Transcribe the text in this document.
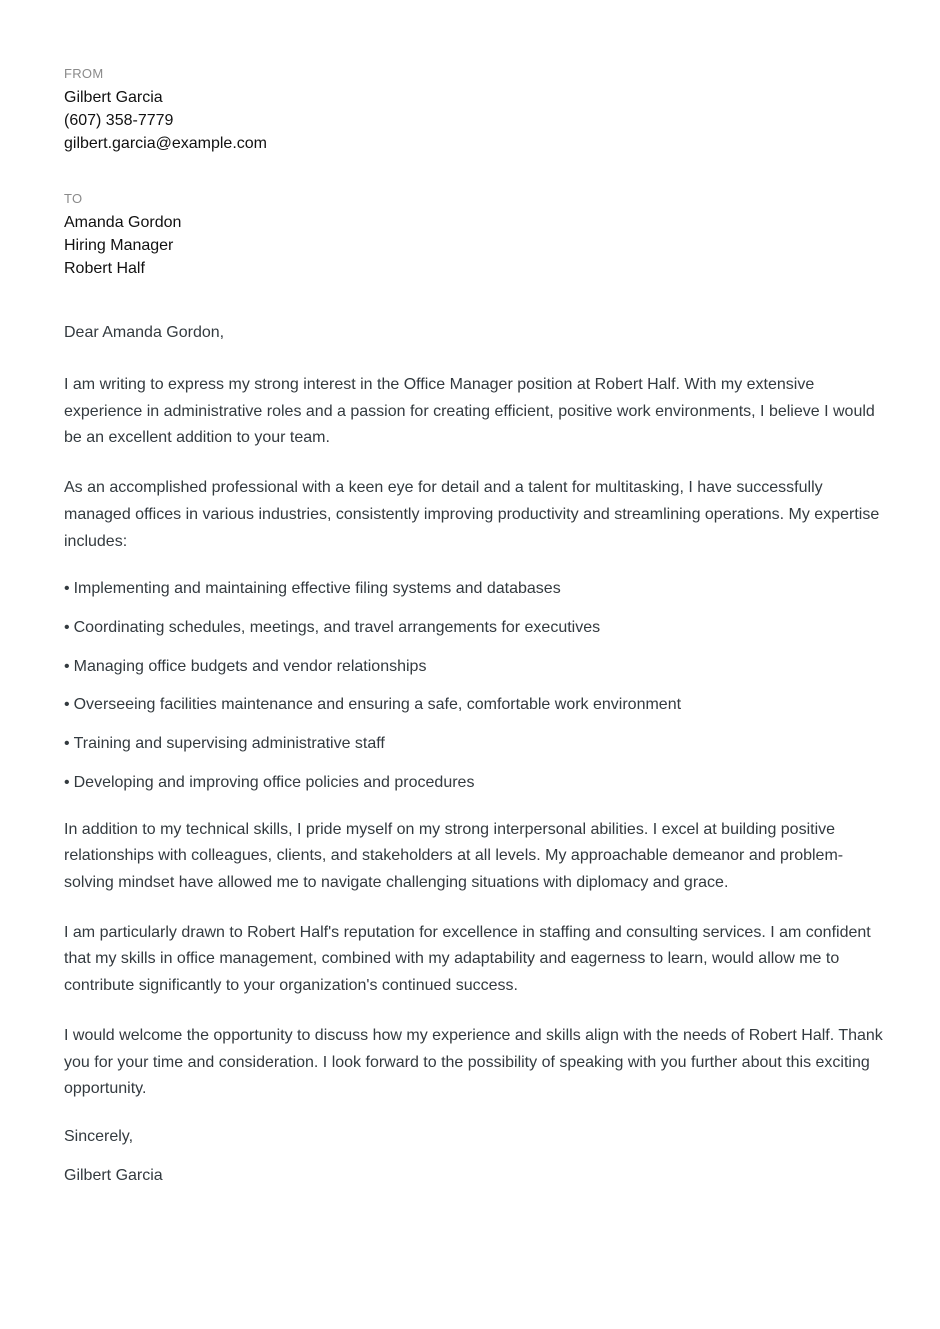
FROM
Gilbert Garcia
(607) 358-7779
gilbert.garcia@example.com
TO
Amanda Gordon
Hiring Manager
Robert Half
Dear Amanda Gordon,

I am writing to express my strong interest in the Office Manager position at Robert Half. With my extensive experience in administrative roles and a passion for creating efficient, positive work environments, I believe I would be an excellent addition to your team.

As an accomplished professional with a keen eye for detail and a talent for multitasking, I have successfully managed offices in various industries, consistently improving productivity and streamlining operations. My expertise includes:

• Implementing and maintaining effective filing systems and databases
• Coordinating schedules, meetings, and travel arrangements for executives
• Managing office budgets and vendor relationships
• Overseeing facilities maintenance and ensuring a safe, comfortable work environment
• Training and supervising administrative staff
• Developing and improving office policies and procedures

In addition to my technical skills, I pride myself on my strong interpersonal abilities. I excel at building positive relationships with colleagues, clients, and stakeholders at all levels. My approachable demeanor and problem-solving mindset have allowed me to navigate challenging situations with diplomacy and grace.

I am particularly drawn to Robert Half's reputation for excellence in staffing and consulting services. I am confident that my skills in office management, combined with my adaptability and eagerness to learn, would allow me to contribute significantly to your organization's continued success.

I would welcome the opportunity to discuss how my experience and skills align with the needs of Robert Half. Thank you for your time and consideration. I look forward to the possibility of speaking with you further about this exciting opportunity.

Sincerely,
Gilbert Garcia
